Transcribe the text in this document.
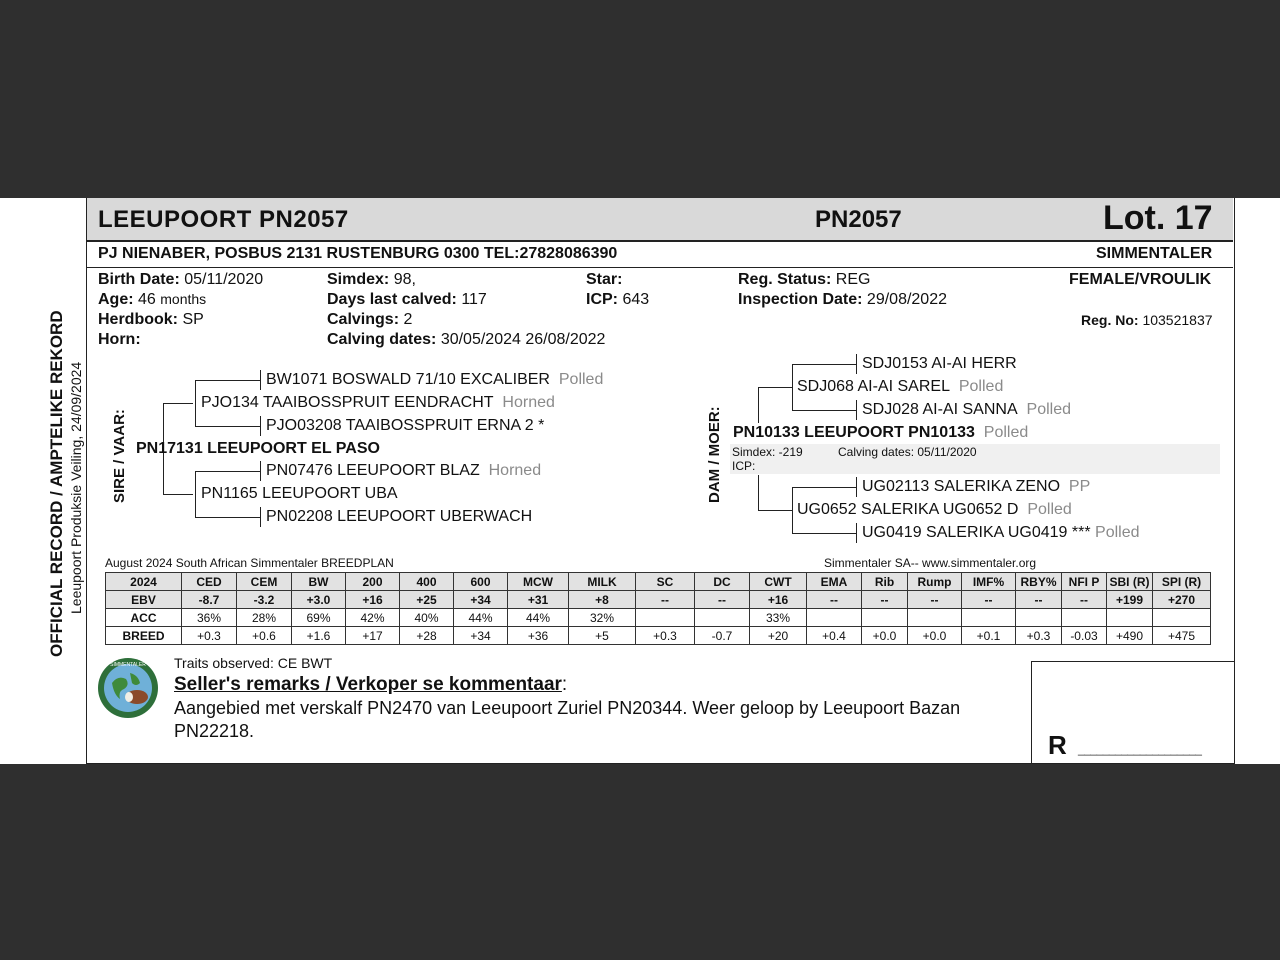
OFFICIAL RECORD / AMPTELIKE REKORD Leeupoort Produksie Veiling, 24/09/2024
LEEUPOORT PN2057	PN2057	Lot. 17
PJ NIENABER, POSBUS 2131 RUSTENBURG 0300 TEL:27828086390	SIMMENTALER
Birth Date: 05/11/2020
Age: 46 months
Herdbook: SP
Horn:
Simdex: 98,
Days last calved: 117
Calvings: 2
Calving dates: 30/05/2024 26/08/2022
Star:
ICP: 643
Reg. Status: REG
Inspection Date: 29/08/2022
FEMALE/VROULIK
Reg. No: 103521837
SIRE / VAAR:	DAM / MOER:
BW1071 BOSWALD 71/10 EXCALIBER Polled
PJO134 TAAIBOSSPRUIT EENDRACHT Horned
PJO03208 TAAIBOSSPRUIT ERNA 2 *
PN17131 LEEUPOORT EL PASO
PN07476 LEEUPOORT BLAZ Horned
PN1165 LEEUPOORT UBA
PN02208 LEEUPOORT UBERWACH
SDJ0153 AI-AI HERR
SDJ068 AI-AI SAREL Polled
SDJ028 AI-AI SANNA Polled
PN10133 LEEUPOORT PN10133 Polled
Simdex: -219	Calving dates: 05/11/2020
ICP:
UG02113 SALERIKA ZENO PP
UG0652 SALERIKA UG0652 D Polled
UG0419 SALERIKA UG0419 *** Polled
August 2024 South African Simmentaler BREEDPLAN	Simmentaler SA-- www.simmentaler.org
2024	CED	CEM	BW	200	400	600	MCW	MILK	SC	DC	CWT	EMA	Rib	Rump	IMF%	RBY%	NFI P	SBI (R)	SPI (R)
EBV	-8.7	-3.2	+3.0	+16	+25	+34	+31	+8	--	--	+16	--	--	--	--	--	--	+199	+270
ACC	36%	28%	69%	42%	40%	44%	44%	32%			33%								
BREED	+0.3	+0.6	+1.6	+17	+28	+34	+36	+5	+0.3	-0.7	+20	+0.4	+0.0	+0.0	+0.1	+0.3	-0.03	+490	+475
SIMMENTALER Traits observed: CE BWT
Seller's remarks / Verkoper se kommentaar:
Aangebied met verskalf PN2470 van Leeupoort Zuriel PN20344. Weer geloop by Leeupoort Bazan PN22218.	R ____________________
